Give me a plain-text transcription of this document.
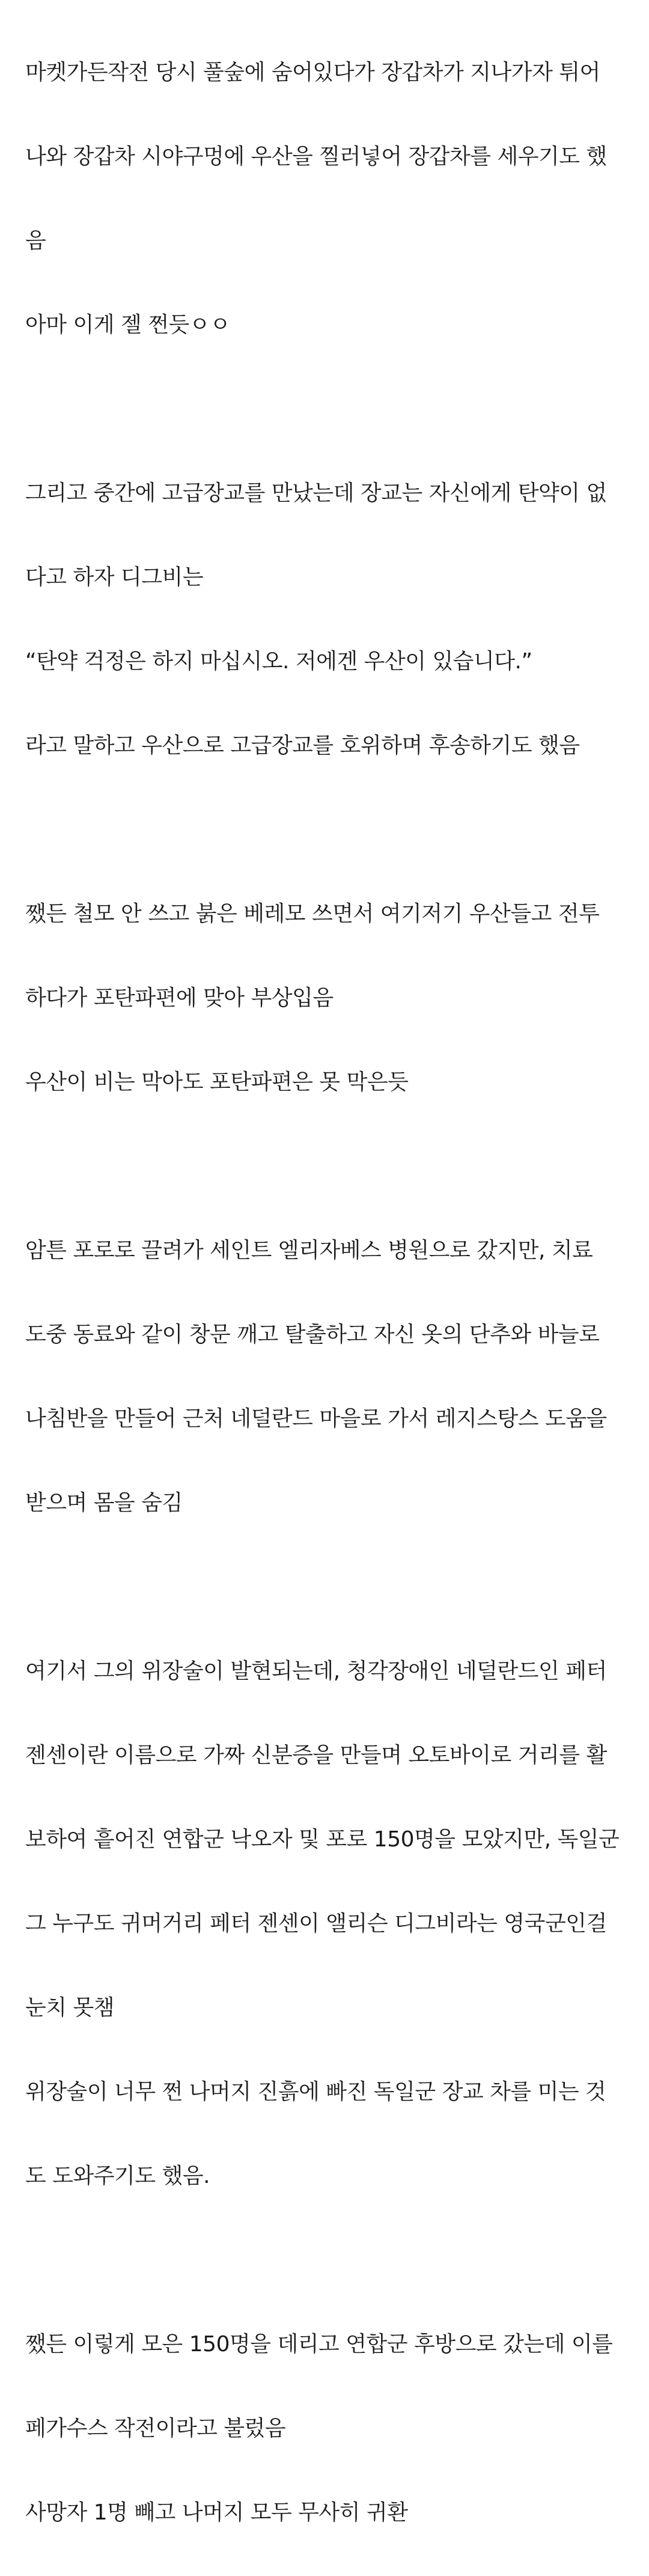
마켓가든작전 당시 풀숲에 숨어있다가 장갑차가 지나가자 튀어

나와 장갑차 시야구멍에 우산을 찔러넣어 장갑차를 세우기도 했

음

아마 이게 젤 쩐듯ㅇㅇ

그리고 중간에 고급장교를 만났는데 장교는 자신에게 탄약이 없

다고 하자 디그비는

“탄약 걱정은 하지 마십시오. 저에겐 우산이 있습니다.”

라고 말하고 우산으로 고급장교를 호위하며 후송하기도 했음

쨌든 철모 안 쓰고 붉은 베레모 쓰면서 여기저기 우산들고 전투

하다가 포탄파편에 맞아 부상입음

우산이 비는 막아도 포탄파편은 못 막은듯

암튼 포로로 끌려가 세인트 엘리자베스 병원으로 갔지만, 치료

도중 동료와 같이 창문 깨고 탈출하고 자신 옷의 단추와 바늘로

나침반을 만들어 근처 네덜란드 마을로 가서 레지스탕스 도움을

받으며 몸을 숨김

여기서 그의 위장술이 발현되는데, 청각장애인 네덜란드인 페터

젠센이란 이름으로 가짜 신분증을 만들며 오토바이로 거리를 활

보하여 흩어진 연합군 낙오자 및 포로 150명을 모았지만, 독일군

그 누구도 귀머거리 페터 젠센이 앨리슨 디그비라는 영국군인걸

눈치 못챔

위장술이 너무 쩐 나머지 진흙에 빠진 독일군 장교 차를 미는 것

도 도와주기도 했음.

쨌든 이렇게 모은 150명을 데리고 연합군 후방으로 갔는데 이를

페가수스 작전이라고 불렀음

사망자 1명 빼고 나머지 모두 무사히 귀환
